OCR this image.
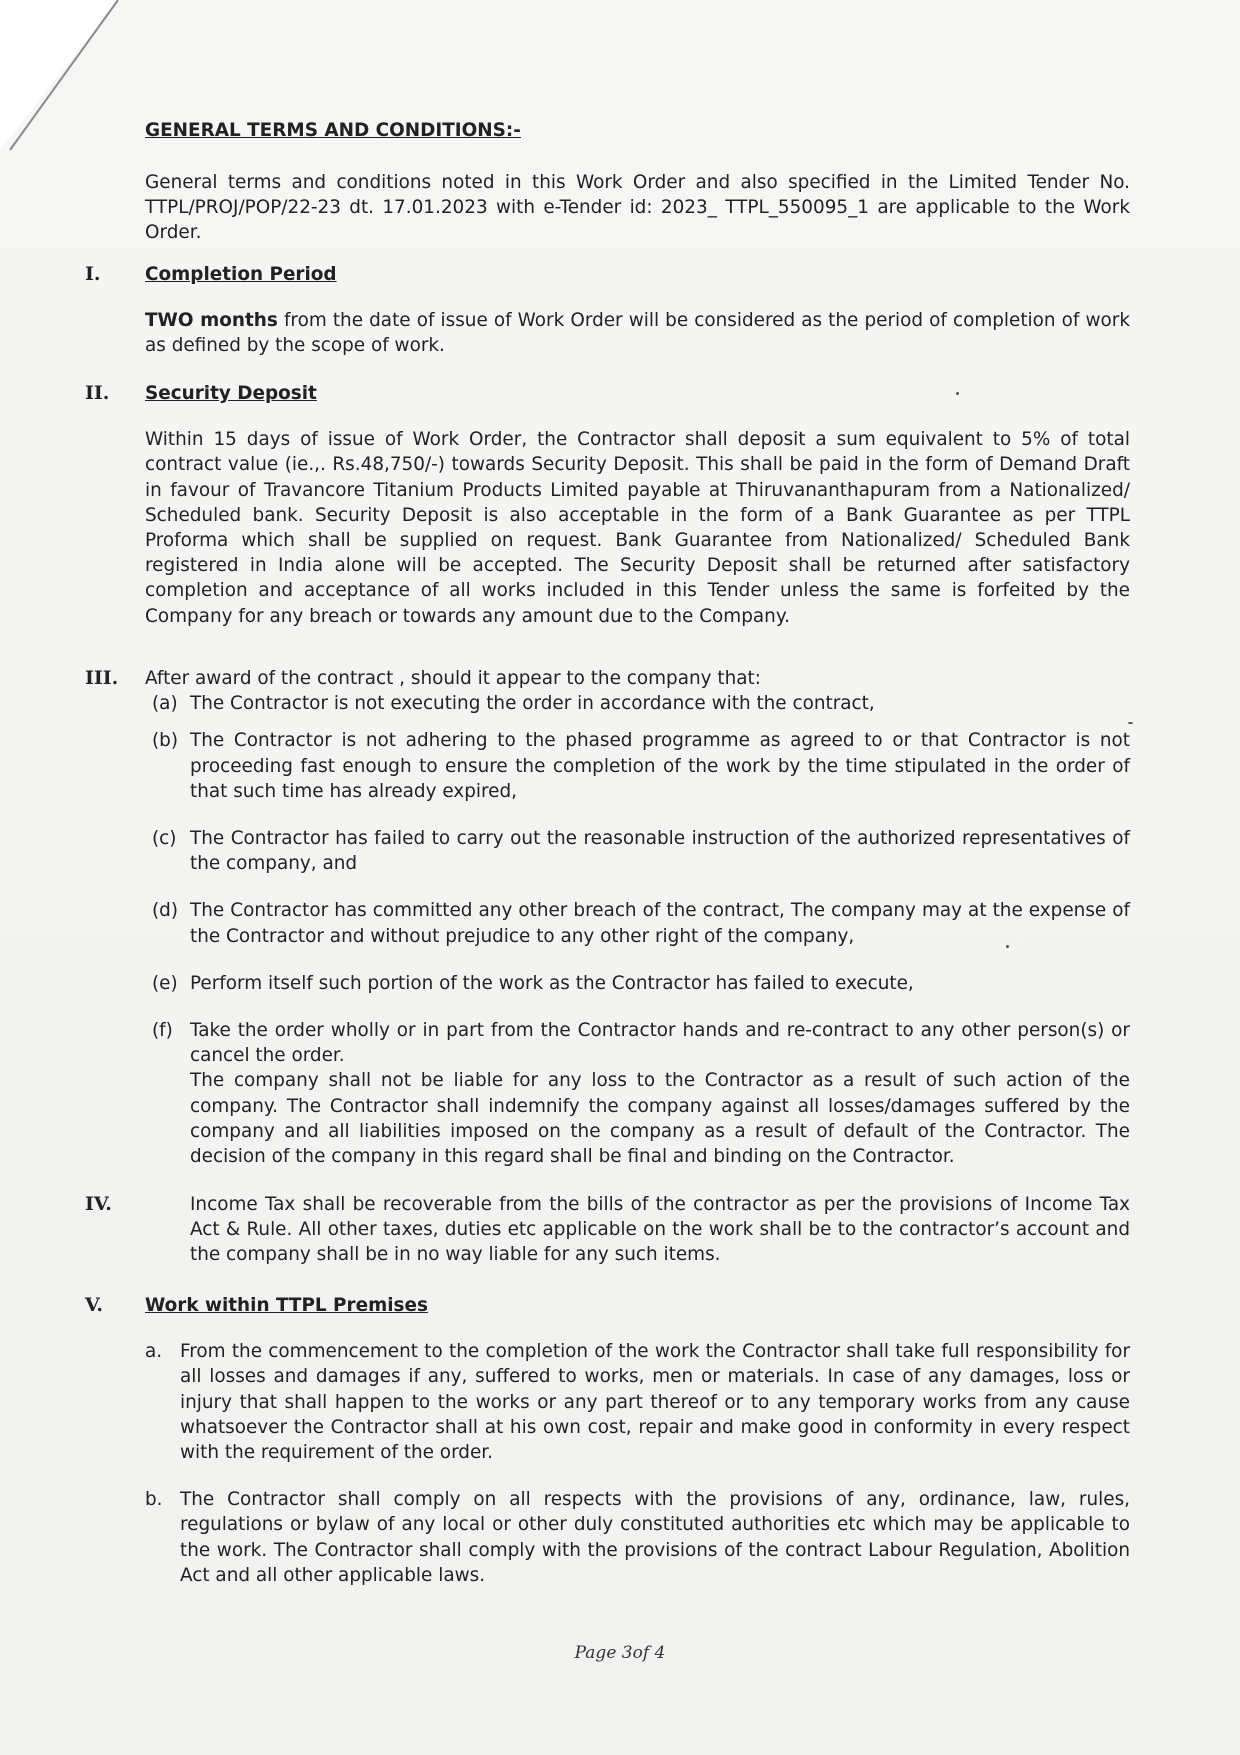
GENERAL TERMS AND CONDITIONS:-

General terms and conditions noted in this Work Order and also specified in the Limited Tender No. TTPL/PROJ/POP/22-23 dt. 17.01.2023 with e-Tender id: 2023_ TTPL_550095_1 are applicable to the Work Order.

I. Completion Period

TWO months from the date of issue of Work Order will be considered as the period of completion of work as defined by the scope of work.

II. Security Deposit

Within 15 days of issue of Work Order, the Contractor shall deposit a sum equivalent to 5% of total contract value (ie.,. Rs.48,750/-) towards Security Deposit. This shall be paid in the form of Demand Draft in favour of Travancore Titanium Products Limited payable at Thiruvananthapuram from a Nationalized/ Scheduled bank. Security Deposit is also acceptable in the form of a Bank Guarantee as per TTPL Proforma which shall be supplied on request. Bank Guarantee from Nationalized/ Scheduled Bank registered in India alone will be accepted. The Security Deposit shall be returned after satisfactory completion and acceptance of all works included in this Tender unless the same is forfeited by the Company for any breach or towards any amount due to the Company.

III. After award of the contract , should it appear to the company that:

(a) The Contractor is not executing the order in accordance with the contract,
(b) The Contractor is not adhering to the phased programme as agreed to or that Contractor is not proceeding fast enough to ensure the completion of the work by the time stipulated in the order of that such time has already expired,
(c) The Contractor has failed to carry out the reasonable instruction of the authorized representatives of the company, and
(d) The Contractor has committed any other breach of the contract, The company may at the expense of the Contractor and without prejudice to any other right of the company,
(e) Perform itself such portion of the work as the Contractor has failed to execute,
(f) Take the order wholly or in part from the Contractor hands and re-contract to any other person(s) or cancel the order.

The company shall not be liable for any loss to the Contractor as a result of such action of the company. The Contractor shall indemnify the company against all losses/damages suffered by the company and all liabilities imposed on the company as a result of default of the Contractor. The decision of the company in this regard shall be final and binding on the Contractor.

IV.	Income Tax shall be recoverable from the bills of the contractor as per the provisions of Income Tax Act & Rule. All other taxes, duties etc applicable on the work shall be to the contractor’s account and the company shall be in no way liable for any such items.

V. Work within TTPL Premises
a. From the commencement to the completion of the work the Contractor shall take full responsibility for all losses and damages if any, suffered to works, men or materials. In case of any damages, loss or injury that shall happen to the works or any part thereof or to any temporary works from any cause whatsoever the Contractor shall at his own cost, repair and make good in conformity in every respect with the requirement of the order.
b. The Contractor shall comply on all respects with the provisions of any, ordinance, law, rules, regulations or bylaw of any local or other duly constituted authorities etc which may be applicable to the work. The Contractor shall comply with the provisions of the contract Labour Regulation, Abolition Act and all other applicable laws.
Page 3of 4
